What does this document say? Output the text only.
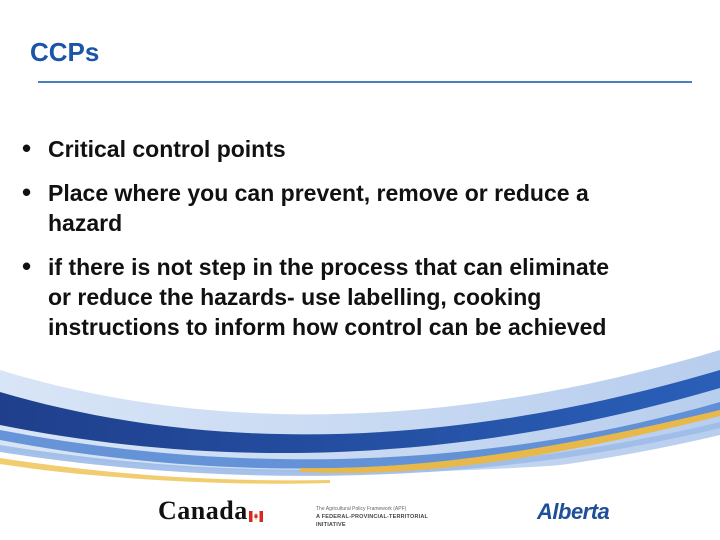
CCPs
• Critical control points
• Place where you can prevent, remove or reduce a hazard
• if there is not step in the process that can eliminate or reduce the hazards- use labelling, cooking instructions to inform how control can be achieved
Canada	The Agricultural Policy Framework (APF)
A FEDERAL-PROVINCIAL-TERRITORIAL INITIATIVE
Alberta
